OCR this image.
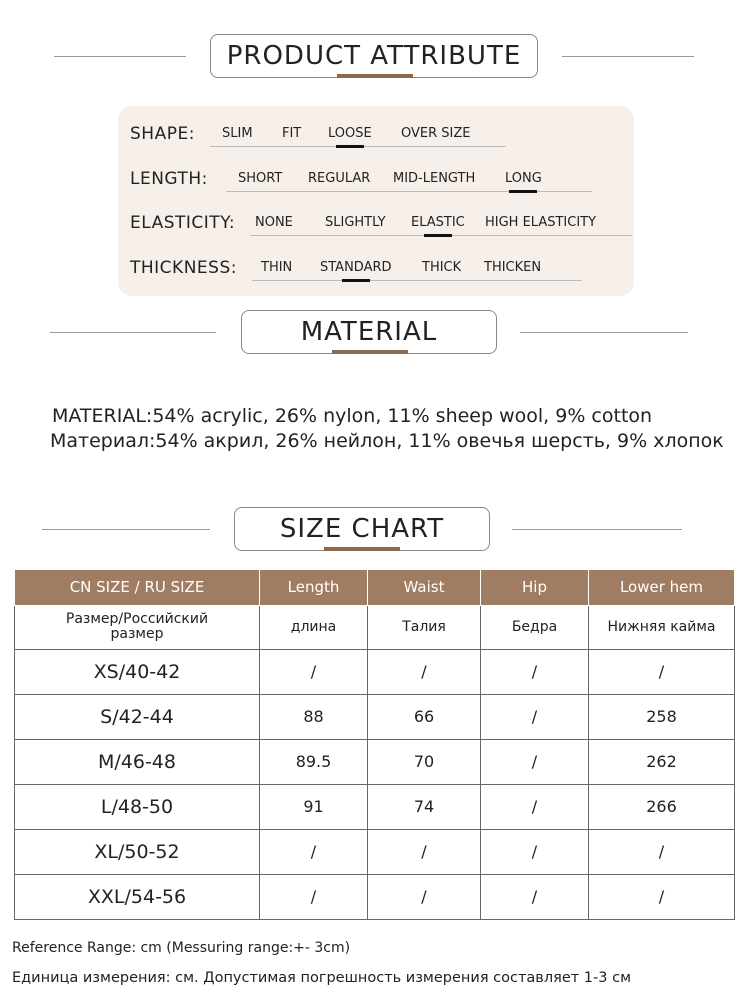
PRODUCT ATTRIBUTE
SHAPE: SLIM FIT LOOSE OVER SIZE
LENGTH: SHORT REGULAR MID-LENGTH LONG
ELASTICITY: NONE SLIGHTLY ELASTIC HIGH ELASTICITY
THICKNESS: THIN STANDARD THICK THICKEN
MATERIAL
MATERIAL:54% acrylic, 26% nylon, 11% sheep wool, 9% cotton
Материал:54% акрил, 26% нейлон, 11% овечья шерсть, 9% хлопок
SIZE CHART
CN SIZE / RU SIZE	Length	Waist	Hip	Lower hem
Размер/Российский размер	длина	Талия	Бедра	Нижняя кайма
XS/40-42	/	/	/	/
S/42-44	88	66	/	258
M/46-48	89.5	70	/	262
L/48-50	91	74	/	266
XL/50-52	/	/	/	/
XXL/54-56	/	/	/	/
Reference Range: cm (Messuring range:+- 3cm)
Единица измерения: см. Допустимая погрешность измерения составляет 1-3 см
